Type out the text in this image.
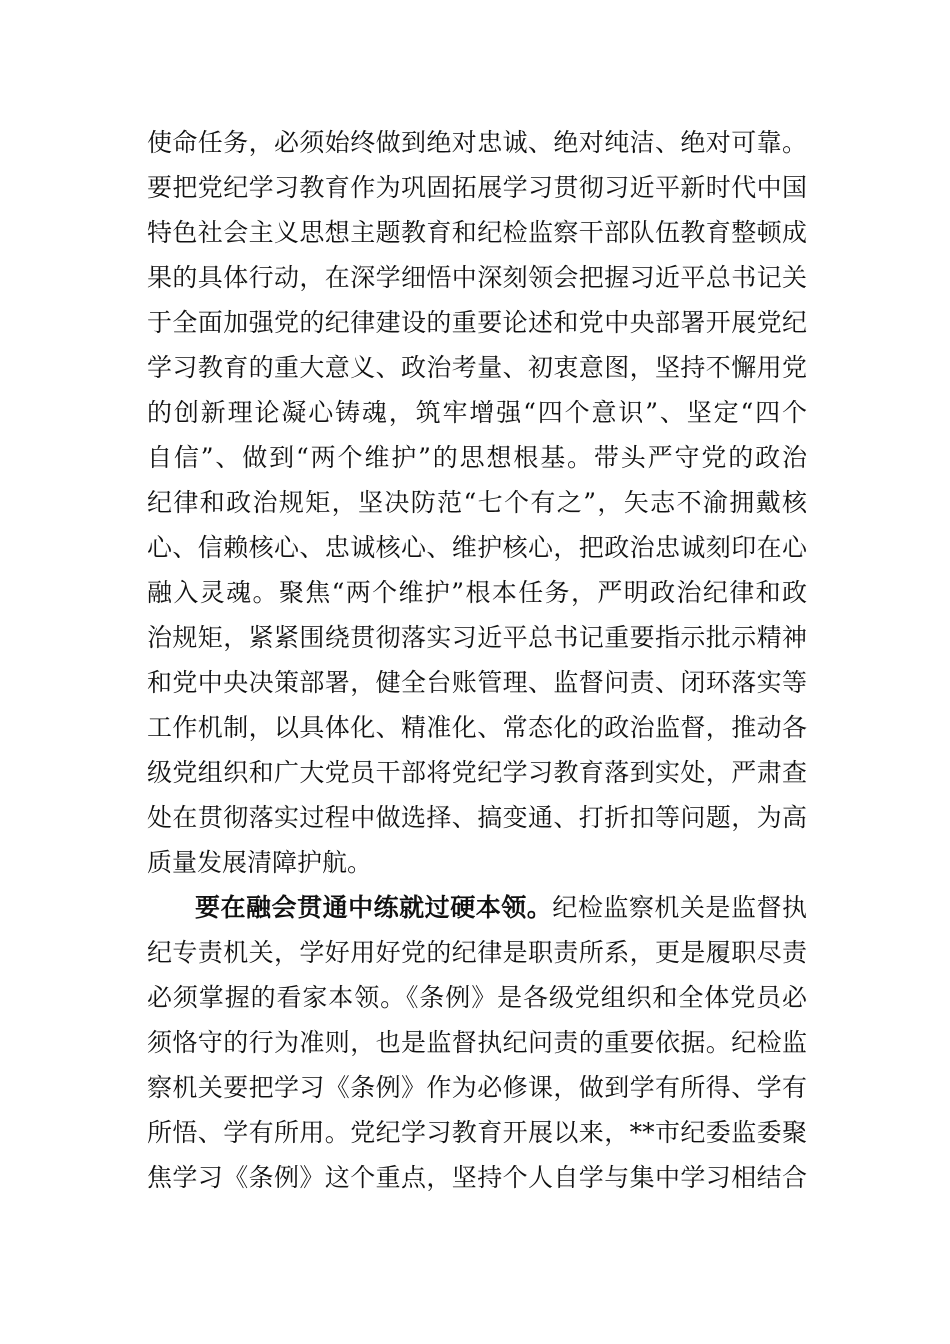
使命任务，必须始终做到绝对忠诚、绝对纯洁、绝对可靠。
要把党纪学习教育作为巩固拓展学习贯彻习近平新时代中国
特色社会主义思想主题教育和纪检监察干部队伍教育整顿成
果的具体行动，在深学细悟中深刻领会把握习近平总书记关
于全面加强党的纪律建设的重要论述和党中央部署开展党纪
学习教育的重大意义、政治考量、初衷意图，坚持不懈用党
的创新理论凝心铸魂，筑牢增强“四个意识”、坚定“四个
自信”、做到“两个维护”的思想根基。带头严守党的政治
纪律和政治规矩，坚决防范“七个有之”，矢志不渝拥戴核
心、信赖核心、忠诚核心、维护核心，把政治忠诚刻印在心
融入灵魂。聚焦“两个维护”根本任务，严明政治纪律和政
治规矩，紧紧围绕贯彻落实习近平总书记重要指示批示精神
和党中央决策部署，健全台账管理、监督问责、闭环落实等
工作机制，以具体化、精准化、常态化的政治监督，推动各
级党组织和广大党员干部将党纪学习教育落到实处，严肃查
处在贯彻落实过程中做选择、搞变通、打折扣等问题，为高
质量发展清障护航。
要在融会贯通中练就过硬本领。纪检监察机关是监督执
纪专责机关，学好用好党的纪律是职责所系，更是履职尽责
必须掌握的看家本领。《条例》是各级党组织和全体党员必
须恪守的行为准则，也是监督执纪问责的重要依据。纪检监
察机关要把学习《条例》作为必修课，做到学有所得、学有
所悟、学有所用。党纪学习教育开展以来，**市纪委监委聚
焦学习《条例》这个重点，坚持个人自学与集中学习相结合
